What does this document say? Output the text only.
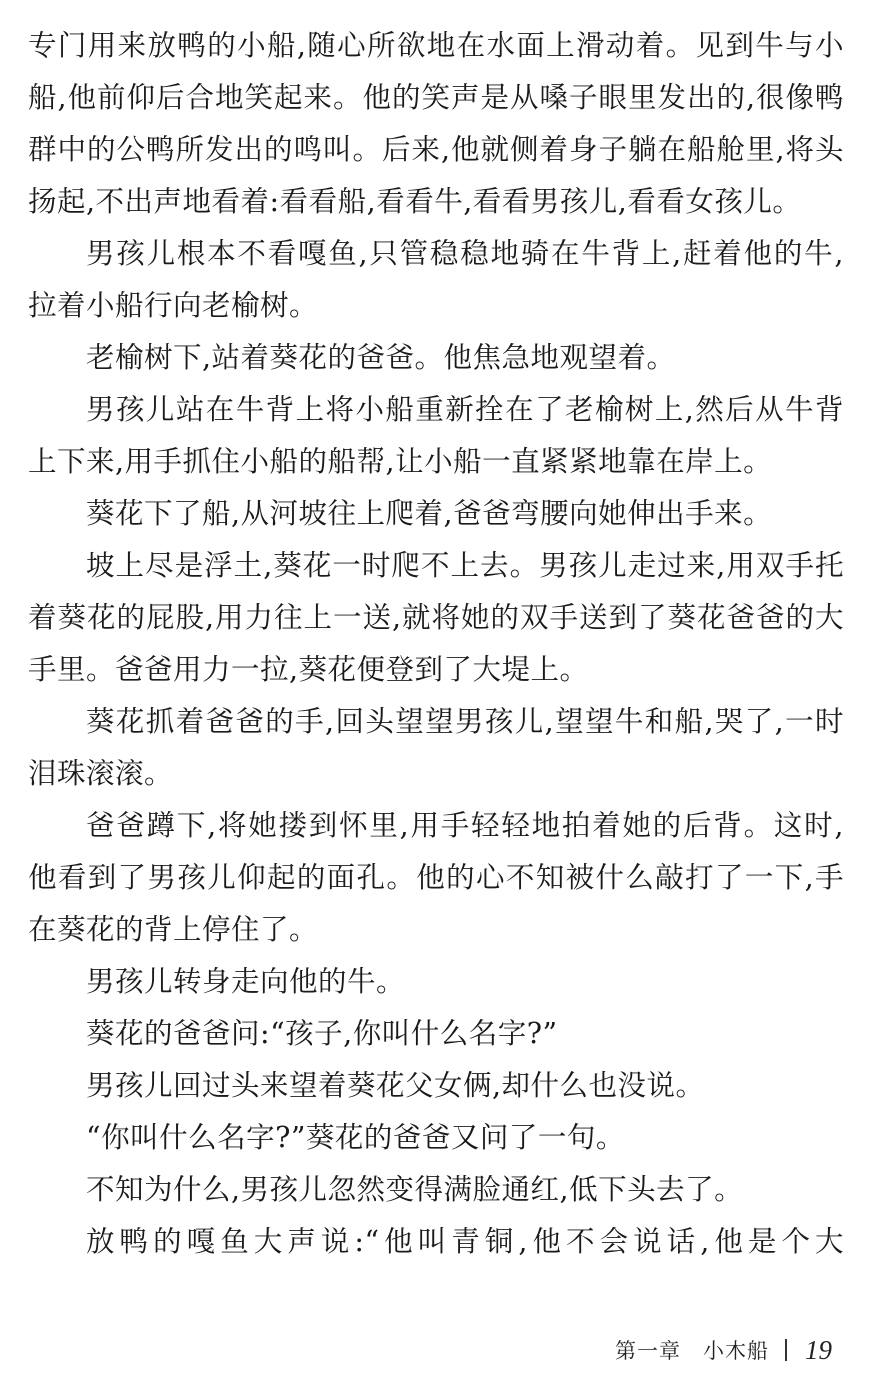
专门用来放鸭的小船,随心所欲地在水面上滑动着。见到牛与小
船,他前仰后合地笑起来。他的笑声是从嗓子眼里发出的,很像鸭
群中的公鸭所发出的鸣叫。后来,他就侧着身子躺在船舱里,将头
扬起,不出声地看着:看看船,看看牛,看看男孩儿,看看女孩儿。
男孩儿根本不看嘎鱼,只管稳稳地骑在牛背上,赶着他的牛,
拉着小船行向老榆树。
老榆树下,站着葵花的爸爸。他焦急地观望着。
男孩儿站在牛背上将小船重新拴在了老榆树上,然后从牛背
上下来,用手抓住小船的船帮,让小船一直紧紧地靠在岸上。
葵花下了船,从河坡往上爬着,爸爸弯腰向她伸出手来。
坡上尽是浮土,葵花一时爬不上去。男孩儿走过来,用双手托
着葵花的屁股,用力往上一送,就将她的双手送到了葵花爸爸的大
手里。爸爸用力一拉,葵花便登到了大堤上。
葵花抓着爸爸的手,回头望望男孩儿,望望牛和船,哭了,一时
泪珠滚滚。
爸爸蹲下,将她搂到怀里,用手轻轻地拍着她的后背。这时,
他看到了男孩儿仰起的面孔。他的心不知被什么敲打了一下,手
在葵花的背上停住了。
男孩儿转身走向他的牛。
葵花的爸爸问:“孩子,你叫什么名字?”
男孩儿回过头来望着葵花父女俩,却什么也没说。
“你叫什么名字?”葵花的爸爸又问了一句。
不知为什么,男孩儿忽然变得满脸通红,低下头去了。
放鸭的嘎鱼大声说:“他叫青铜,他不会说话,他是个大
第一章　小木船 19
